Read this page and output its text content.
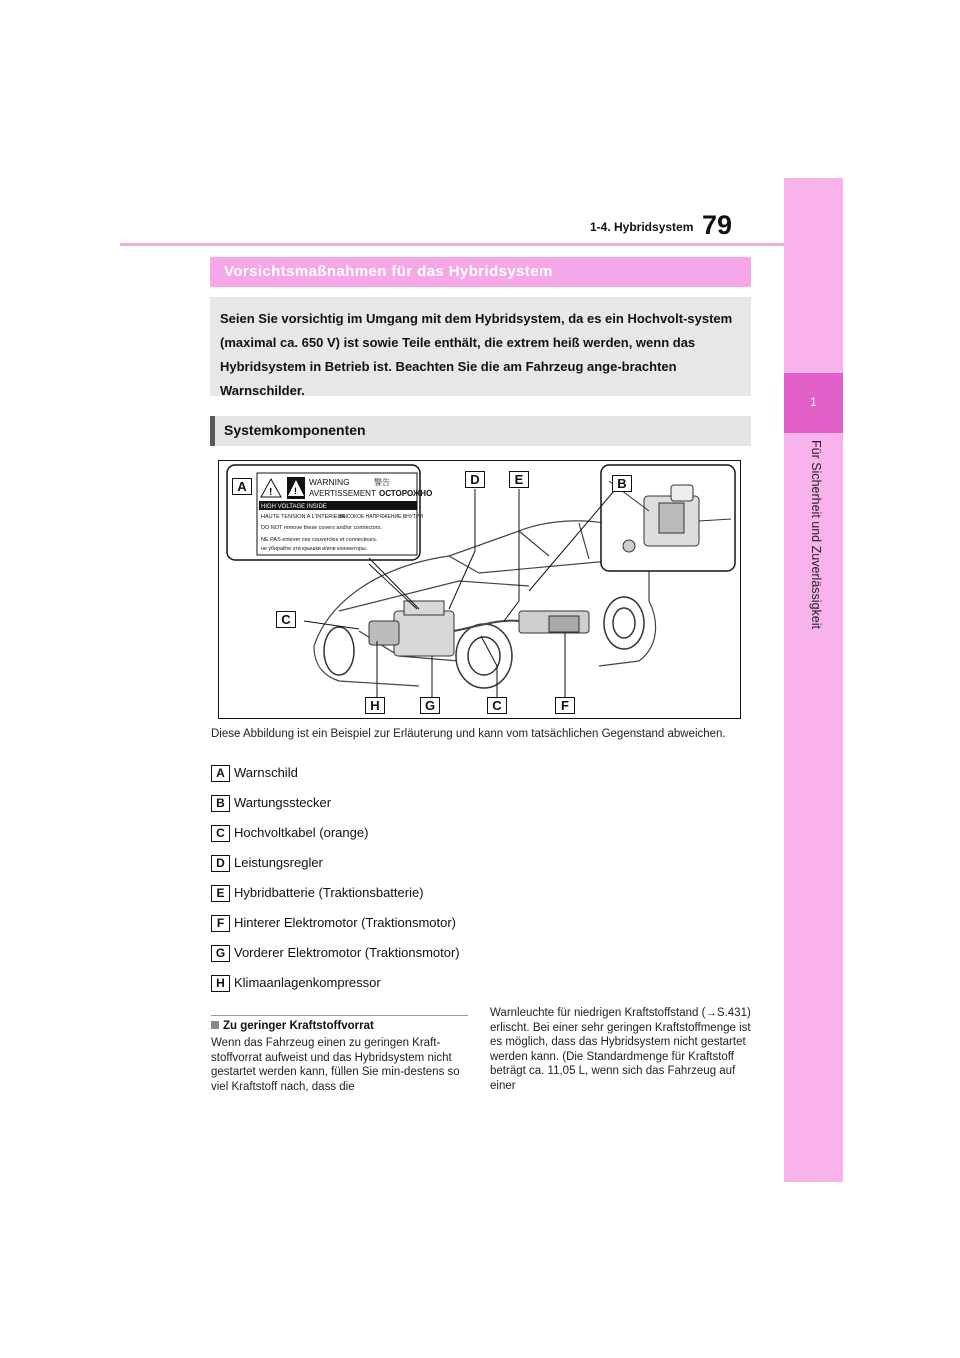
1
Für Sicherheit und Zuverlässigkeit
79
1-4. Hybridsystem
Vorsichtsmaßnahmen für das Hybridsystem

Seien Sie vorsichtig im Umgang mit dem Hybridsystem, da es ein Hochvolt-system (maximal ca. 650 V) ist sowie Teile enthält, die extrem heiß werden, wenn das Hybridsystem in Betrieb ist. Beachten Sie die am Fahrzeug ange-brachten Warnschilder.

Systemkomponenten
! !
WARNING	警告
AVERTISSEMENT ОСТОРОЖНО
HIGH VOLTAGE INSIDE
HAUTE TENSION A L'INTERIEUR
ВЫСОКОЕ НАПРЯЖЕНИЕ ВНУТРИ
DO NOT remove these covers and/or connectors.
NE PAS enlever ces couvercles et connecteurs.
не убирайте эти крышки и/или коннекторы.
A	D	E	B
C
H	G	C	F
Diese Abbildung ist ein Beispiel zur Erläuterung und kann vom tatsächlichen Gegenstand abweichen.
A Warnschild
B Wartungsstecker
C Hochvoltkabel (orange)
D Leistungsregler
E Hybridbatterie (Traktionsbatterie)
F Hinterer Elektromotor (Traktionsmotor)
G Vorderer Elektromotor (Traktionsmotor)
H Klimaanlagenkompressor
Zu geringer Kraftstoffvorrat
Wenn das Fahrzeug einen zu geringen Kraft-stoffvorrat aufweist und das Hybridsystem nicht gestartet werden kann, füllen Sie min-destens so viel Kraftstoff nach, dass die
Warnleuchte für niedrigen Kraftstoffstand (→S.431) erlischt. Bei einer sehr geringen Kraftstoffmenge ist es möglich, dass das Hybridsystem nicht gestartet werden kann. (Die Standardmenge für Kraftstoff beträgt ca. 11,05 L, wenn sich das Fahrzeug auf einer
